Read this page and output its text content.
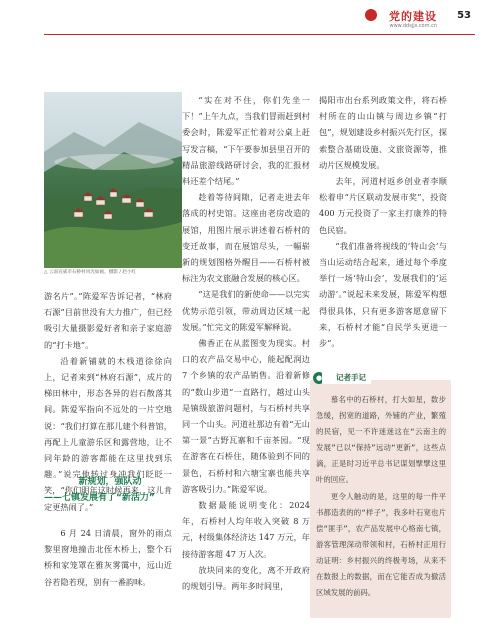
党的建设
www.ddsjjs.com.cn
53
△ 云南宣威市石桥村风光如画。摄影 / 赵小红

游名片”。”陈爱军告诉记者，“林府石源”目前世没有大力推广，但已经吸引大量摄影爱好者和亲子家庭游的“打卡地”。

沿着新铺就的木栈道徐徐向上，记者来到“林府石源”，成片的梯田林中，形态各异的岩石散落其间。陈爱军指向不远处的一片空地说：“我们打算在那儿建个科普馆，再配上儿童游乐区和露营地，让不同年龄的游客都能在这里找到乐趣。”说完他转过身冲我们眨眨一笑，“你们明年这时候再来，这儿肯定更热闹了。”

新规划，强队动
——七镇发展有了“新活力”

6 月 24 日清晨，窗外的雨点黎里窗地撞击北侄木桥上，整个石桥和家笼罩在雅灰雾霭中，远山近谷若隐若现，别有一番韵味。

“实在对不住，你们先坐一下！”上午九点，当我们冒雨赶到村委会时，陈爱军正忙着对公桌上赶写发言稿，“下午要参加县里召开的精品旅游线路研讨会，我的汇报材料还差个结尾。”

趁着等待间隙，记者走进去年落成的村史馆。这座由老房改造的展馆，用图片展示讲述着石桥村的变迁故事，而在展馆尽头，一幅崭新的规划图格外醒目——石桥村被标注为农文旅融合发展的核心区。

“这是我们的新使命——以完实优势示范引领，带动周边区域一起发展。”忙完文的陈爱军解释说。

佛香正在从蓝图变为现实。村口的农产品交易中心，能起配润边 7 个乡镇的农产品销售。沿着新修的“数山步道”一直路行，越过山头是镇级旅游问题村，与石桥村共享同一个山头。河道社那边有着“无山第一景”古野瓦寨和千亩茶园。“现在游客在石桥住，随体验到不同的景色，石桥村和六塘宝寨也能共享游客吸引力。”陈爱军说。

数据最能说明变化：2024 年，石桥村人均年收入突破 8 万元，村级集体经济达 147 万元，年接待游客超 47 万人次。

放块同来的变化，离不开政府的规划引导。两年多时间里，

揭阳市出台系列政策文件，将石桥村所在的山山镇与周边乡镇“打包”，规划建设乡村振兴先行区，探索整合基础设施、文旅资源等，推动片区规模发展。

去年，河道村返乡创业者李顺松着申“片区联动发展市奖”，投资 400 万元投资了一家主打康养的特色民宿。

“我们准备将视线的‘特山会’与当山运动结合起来，通过每个季度举行一场‘特山会’，发展我们的‘运动游’。”说起未来发展，陈爱军构想得很具体，只有更多游客愿意留下来，石桥村才能“自民学头更进一步”。

●	记者手记

慕名中的石桥村，打大如星，数步急缓，拐宽的道路，外铺的产业，繁殖的民宿，见一不许迷迷这在“云南主的发展”已以“保持”远动“更新”，这些点滴，正是时习近平总书记谋划擘擘这里叶的回应。

更令人触动的是，这里的每一件平书都造表的的“样子”，我多叶石宽也片偿“匪手”，农产品发展中心格南七镇，游客管理深动带领和村，石桥村正用行动证明：乡村振兴的终极考场，从来不在数报上的数据，而在它能否成为撤活区域发展的前码。
